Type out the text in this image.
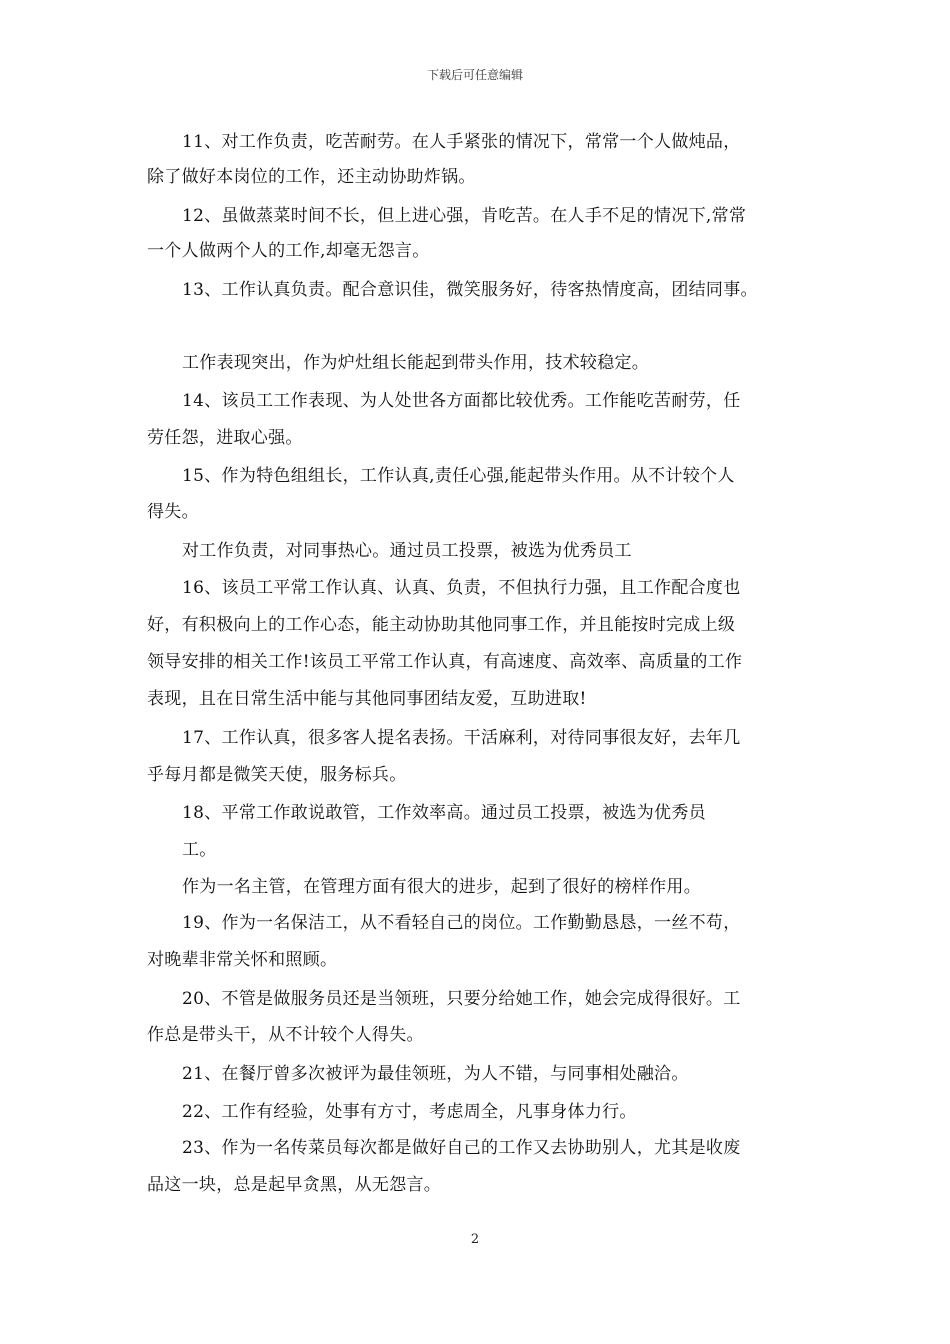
下载后可任意编辑
11、对工作负责，吃苦耐劳。在人手紧张的情况下，常常一个人做炖品，
除了做好本岗位的工作，还主动协助炸锅。
12、虽做蒸菜时间不长，但上进心强，肯吃苦。在人手不足的情况下,常常
一个人做两个人的工作,却毫无怨言。
13、工作认真负责。配合意识佳，微笑服务好，待客热情度高，团结同事。
工作表现突出，作为炉灶组长能起到带头作用，技术较稳定。
14、该员工工作表现、为人处世各方面都比较优秀。工作能吃苦耐劳，任
劳任怨，进取心强。
15、作为特色组组长，工作认真,责任心强,能起带头作用。从不计较个人
得失。
对工作负责，对同事热心。通过员工投票，被选为优秀员工
16、该员工平常工作认真、认真、负责，不但执行力强，且工作配合度也
好，有积极向上的工作心态，能主动协助其他同事工作，并且能按时完成上级
领导安排的相关工作!该员工平常工作认真，有高速度、高效率、高质量的工作
表现，且在日常生活中能与其他同事团结友爱，互助进取!
17、工作认真，很多客人提名表扬。干活麻利，对待同事很友好，去年几
乎每月都是微笑天使，服务标兵。
18、平常工作敢说敢管，工作效率高。通过员工投票，被选为优秀员
工。
作为一名主管，在管理方面有很大的进步，起到了很好的榜样作用。
19、作为一名保洁工，从不看轻自己的岗位。工作勤勤恳恳，一丝不苟，
对晚辈非常关怀和照顾。
20、不管是做服务员还是当领班，只要分给她工作，她会完成得很好。工
作总是带头干，从不计较个人得失。
21、在餐厅曾多次被评为最佳领班，为人不错，与同事相处融洽。
22、工作有经验，处事有方寸，考虑周全，凡事身体力行。
23、作为一名传菜员每次都是做好自己的工作又去协助别人，尤其是收废
品这一块，总是起早贪黑，从无怨言。
2
